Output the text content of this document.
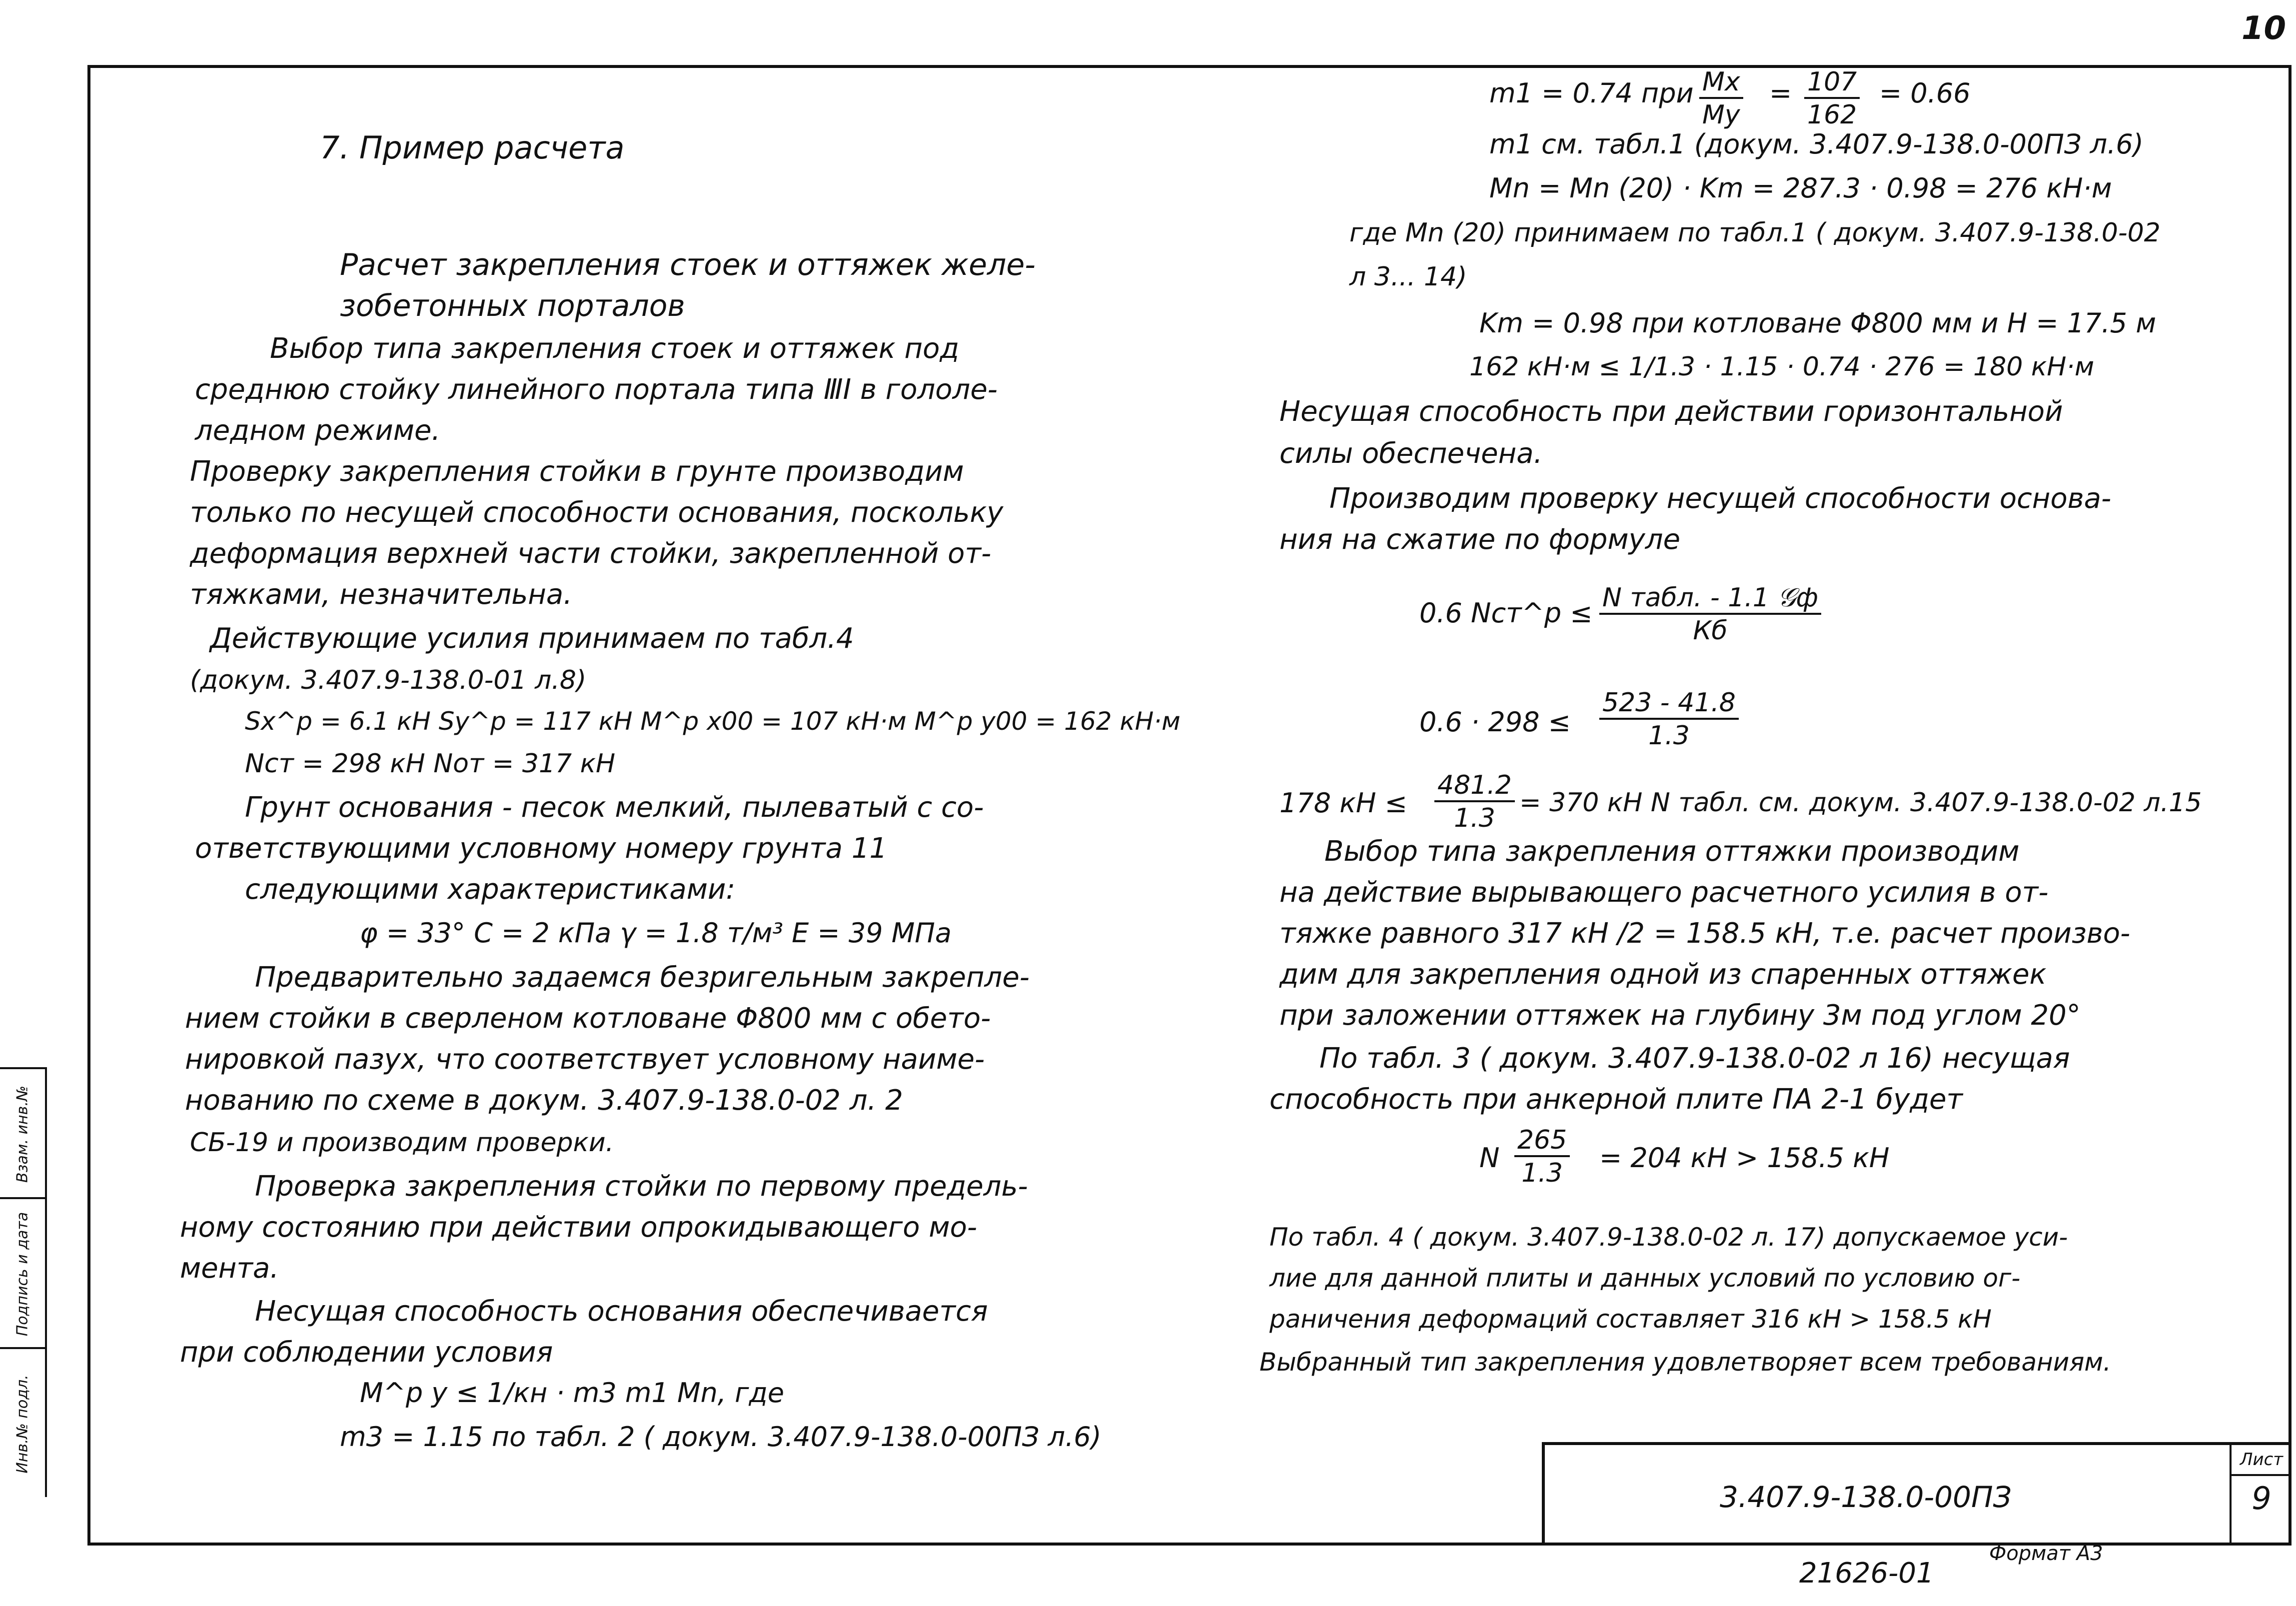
10
Инв.№ подл.
Подпись и дата
Взам. инв.№
7. Пример расчета
Расчет закрепления стоек и оттяжек желе-
зобетонных порталов
Выбор типа закрепления стоек и оттяжек под
среднюю стойку линейного портала типа ⅢI в гололе-
ледном режиме.
Проверку закрепления стойки в грунте производим
только по несущей способности основания, поскольку
деформация верхней части стойки, закрепленной от-
тяжками, незначительна.
Действующие усилия принимаем по табл.4
(докум. 3.407.9-138.0-01 л.8)
Sx^p = 6.1 кН Sy^p = 117 кН M^p x00 = 107 кН·м M^p y00 = 162 кН·м
Nст = 298 кН Nот = 317 кН
Грунт основания - песок мелкий, пылеватый с со-
ответствующими условному номеру грунта 11
следующими характеристиками:
φ = 33° C = 2 кПа γ = 1.8 т/м³ E = 39 МПа
Предварительно задаемся безригельным закрепле-
нием стойки в сверленом котловане Φ800 мм с обето-
нировкой пазух, что соответствует условному наиме-
нованию по схеме в докум. 3.407.9-138.0-02 л. 2
СБ-19 и производим проверки.
Проверка закрепления стойки по первому предель-
ному состоянию при действии опрокидывающего мо-
мента.
Несущая способность основания обеспечивается
при соблюдении условия
M^p y ≤ 1/кн · m3 m1 Mn, где
m3 = 1.15 по табл. 2 ( докум. 3.407.9-138.0-00ПЗ л.6)
m1 = 0.74 при $\frac{Mx}{My} = \frac{107}{162} = 0.66$
m1 см. табл.1 (докум. 3.407.9-138.0-00ПЗ л.6)
Mn = Mn (20) · Km = 287.3 · 0.98 = 276 кН·м
где Mn (20) принимаем по табл.1 ( докум. 3.407.9-138.0-02
л 3... 14)
Km = 0.98 при котловане Φ800 мм и H = 17.5 м
162 кН·м ≤ 1/1.3 · 1.15 · 0.74 · 276 = 180 кН·м
Несущая способность при действии горизонтальной
силы обеспечена.
Производим проверку несущей способности основа-
ния на сжатие по формуле
0.6 Nст^p ≤ N табл. - 1.1 𝒢ф
Кб
$0.6 \cdot 298 \le \frac{523 - 41.8}{1.3}$
178 кН ≤ $\frac{481.2}{1.3} = 370$ кН N табл. см. докум. 3.407.9-138.0-02 л.15
Выбор типа закрепления оттяжки производим
на действие вырывающего расчетного усилия в от-
тяжке равного 317 кН /2 = 158.5 кН, т.е. расчет произво-
дим для закрепления одной из спаренных оттяжек
при заложении оттяжек на глубину 3м под углом 20°
По табл. 3 ( докум. 3.407.9-138.0-02 л 16) несущая
способность при анкерной плите ПА 2-1 будет
N $\frac{265}{1.3} = 204$ кН > 158.5 кН
По табл. 4 ( докум. 3.407.9-138.0-02 л. 17) допускаемое уси-
лие для данной плиты и данных условий по условию ог-
раничения деформаций составляет 316 кН > 158.5 кН
Выбранный тип закрепления удовлетворяет всем требованиям.
3.407.9-138.0-00ПЗ
Лист
9
21626-01
Формат А3
